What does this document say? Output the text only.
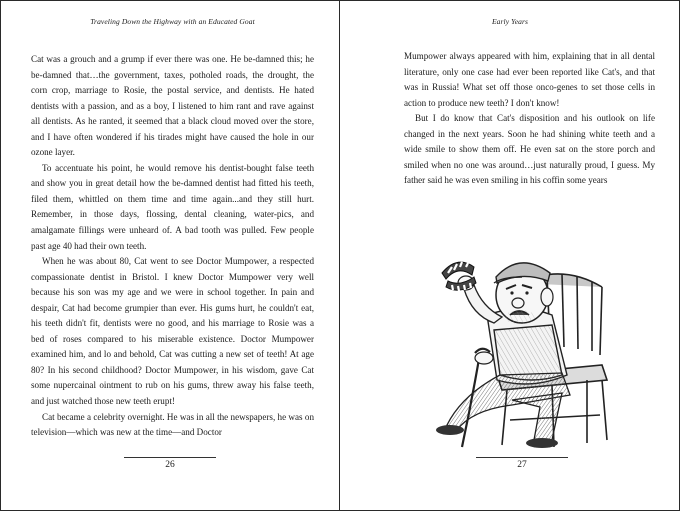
Traveling Down the Highway with an Educated Goat

Cat was a grouch and a grump if ever there was one. He be-damned this; he be-damned that…the government, taxes, potholed roads, the drought, the corn crop, marriage to Rosie, the postal service, and dentists. He hated dentists with a passion, and as a boy, I listened to him rant and rave against all dentists. As he ranted, it seemed that a black cloud moved over the store, and I have often wondered if his tirades might have caused the hole in our ozone layer.

To accentuate his point, he would remove his dentist-bought false teeth and show you in great detail how the be-damned dentist had fitted his teeth, filed them, whittled on them time and time again...and they still hurt. Remember, in those days, flossing, dental cleaning, water-pics, and amalgamate fillings were unheard of. A bad tooth was pulled. Few people past age 40 had their own teeth.

When he was about 80, Cat went to see Doctor Mumpower, a respected compassionate dentist in Bristol. I knew Doctor Mumpower very well because his son was my age and we were in school together. In pain and despair, Cat had become grumpier than ever. His gums hurt, he couldn't eat, his teeth didn't fit, dentists were no good, and his marriage to Rosie was a bed of roses compared to his miserable existence. Doctor Mumpower examined him, and lo and behold, Cat was cutting a new set of teeth! At age 80? In his second childhood? Doctor Mumpower, in his wisdom, gave Cat some nupercainal ointment to rub on his gums, threw away his false teeth, and just watched those new teeth erupt!

Cat became a celebrity overnight. He was in all the newspapers, he was on television—which was new at the time—and Doctor

26
Early Years

Mumpower always appeared with him, explaining that in all dental literature, only one case had ever been reported like Cat's, and that was in Russia! What set off those onco-genes to set those cells in action to produce new teeth? I don't know!

But I do know that Cat's disposition and his outlook on life changed in the next years. Soon he had shining white teeth and a wide smile to show them off. He even sat on the store porch and smiled when no one was around…just naturally proud, I guess. My father said he was even smiling in his coffin some years

27
